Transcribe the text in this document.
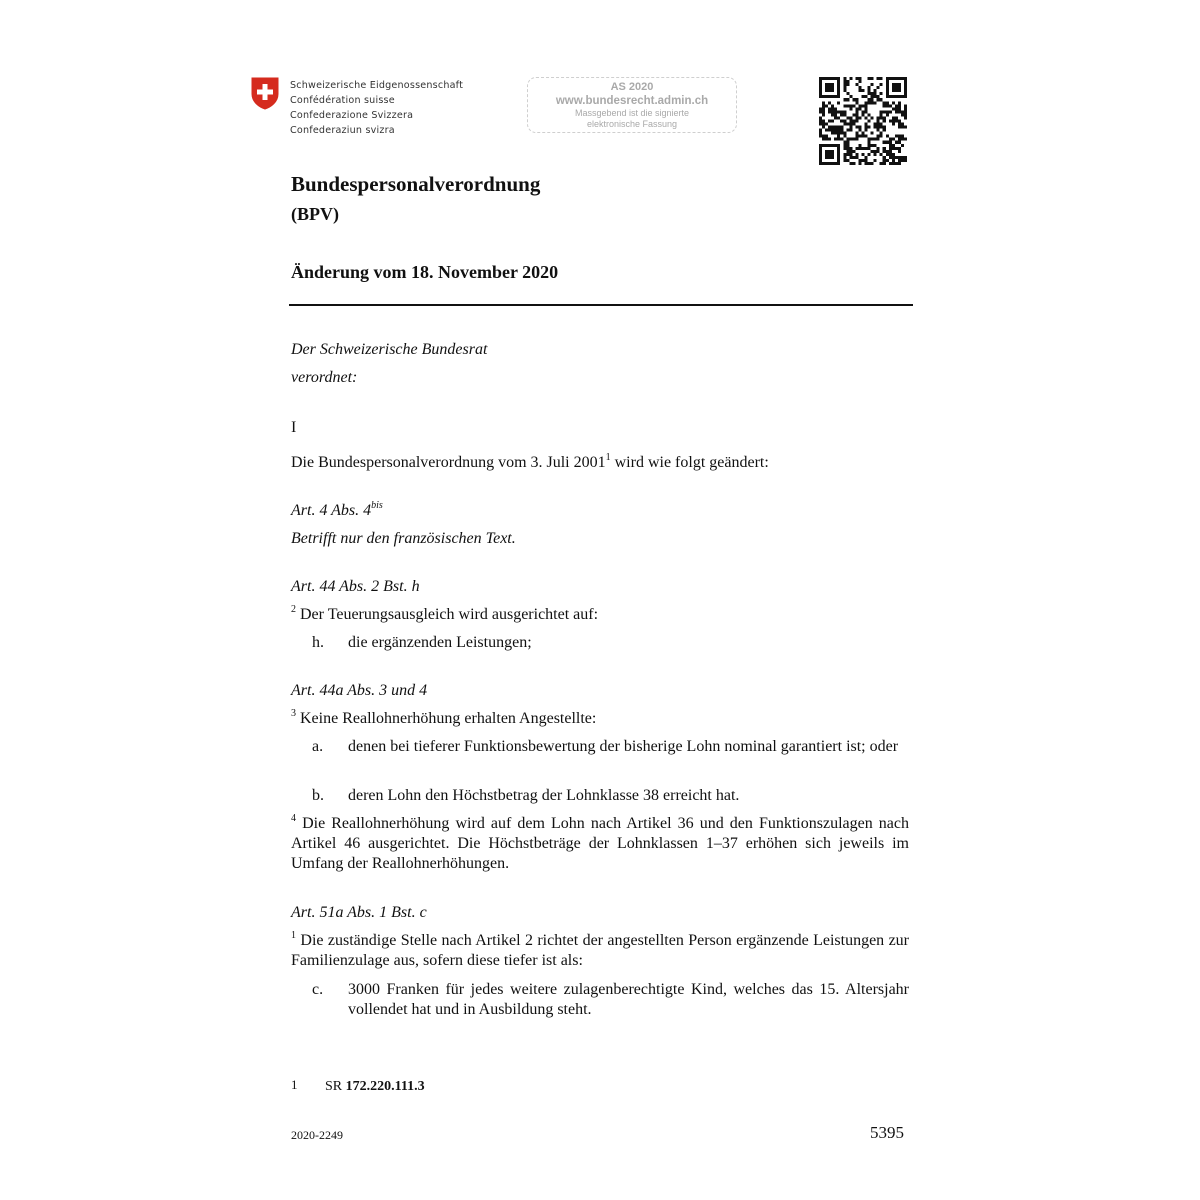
Schweizerische Eidgenossenschaft
Confédération suisse
Confederazione Svizzera
Confederaziun svizra
AS 2020
www.bundesrecht.admin.ch
Massgebend ist die signierte
elektronische Fassung
Bundespersonalverordnung
(BPV)
Änderung vom 18. November 2020
Der Schweizerische Bundesrat
verordnet:
I
Die Bundespersonalverordnung vom 3. Juli 2001$^1$ wird wie folgt geändert:
Art. 4 Abs. $4^{bis}$
Betrifft nur den französischen Text.
Art. 44 Abs. 2 Bst. h
$^2$ Der Teuerungsausgleich wird ausgerichtet auf:
h. die ergänzenden Leistungen;
Art. 44a Abs. 3 und 4
$^3$ Keine Reallohnerhöhung erhalten Angestellte:
a. denen bei tieferer Funktionsbewertung der bisherige Lohn nominal garantiert ist; oder
b. deren Lohn den Höchstbetrag der Lohnklasse 38 erreicht hat.
$^4$ Die Reallohnerhöhung wird auf dem Lohn nach Artikel 36 und den Funktionszulagen nach Artikel 46 ausgerichtet. Die Höchstbeträge der Lohnklassen 1–37 erhöhen sich jeweils im Umfang der Reallohnerhöhungen.
Art. 51a Abs. 1 Bst. c
$^1$ Die zuständige Stelle nach Artikel 2 richtet der angestellten Person ergänzende Leistungen zur Familienzulage aus, sofern diese tiefer ist als:
c. 3000 Franken für jedes weitere zulagenberechtigte Kind, welches das 15. Altersjahr vollendet hat und in Ausbildung steht.
1 SR 172.220.111.3
2020-2249	5395
